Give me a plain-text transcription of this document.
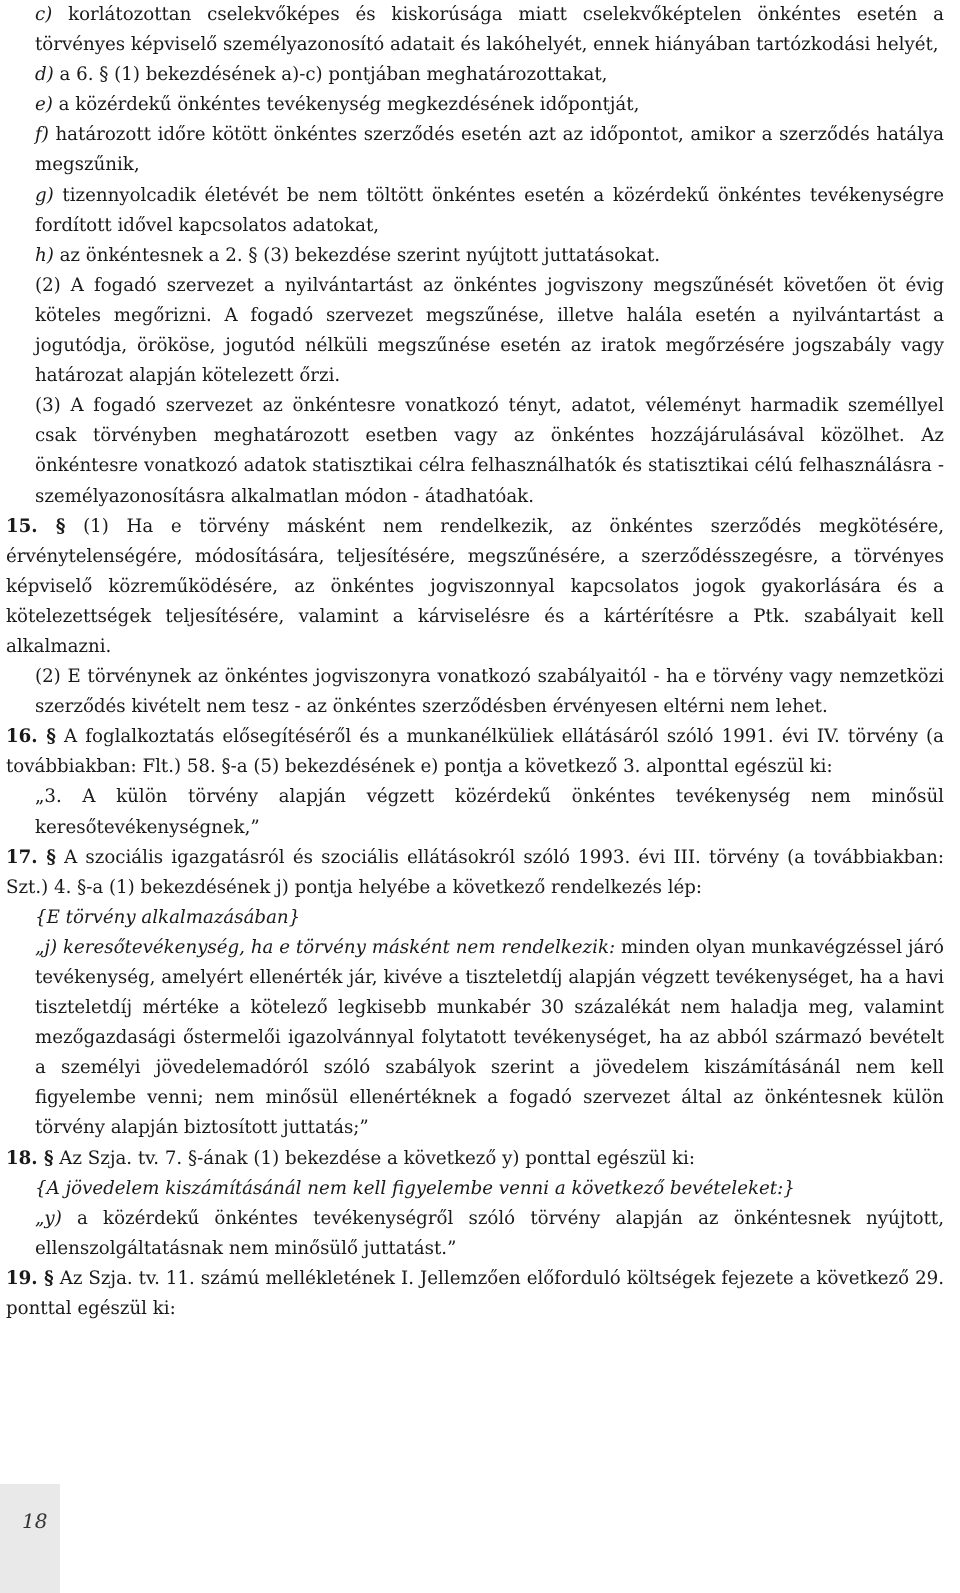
c) korlátozottan cselekvőképes és kiskorúsága miatt cselekvőképtelen önkéntes esetén a törvényes képviselő személyazonosító adatait és lakóhelyét, ennek hiányában tartózkodási helyét,
d) a 6. § (1) bekezdésének a)-c) pontjában meghatározottakat,
e) a közérdekű önkéntes tevékenység megkezdésének időpontját,
f) határozott időre kötött önkéntes szerződés esetén azt az időpontot, amikor a szerződés hatálya megszűnik,
g) tizennyolcadik életévét be nem töltött önkéntes esetén a közérdekű önkéntes tevékenységre fordított idővel kapcsolatos adatokat,
h) az önkéntesnek a 2. § (3) bekezdése szerint nyújtott juttatásokat.
(2) A fogadó szervezet a nyilvántartást az önkéntes jogviszony megszűnését követően öt évig köteles megőrizni. A fogadó szervezet megszűnése, illetve halála esetén a nyilvántartást a jogutódja, örököse, jogutód nélküli megszűnése esetén az iratok megőrzésére jogszabály vagy határozat alapján kötelezett őrzi.
(3) A fogadó szervezet az önkéntesre vonatkozó tényt, adatot, véleményt harmadik személlyel csak törvényben meghatározott esetben vagy az önkéntes hozzájárulásával közölhet. Az önkéntesre vonatkozó adatok statisztikai célra felhasználhatók és statisztikai célú felhasználásra - személyazonosításra alkalmatlan módon - átadhatóak.
15. § (1) Ha e törvény másként nem rendelkezik, az önkéntes szerződés megkötésére, érvénytelenségére, módosítására, teljesítésére, megszűnésére, a szerződésszegésre, a törvényes képviselő közreműködésére, az önkéntes jogviszonnyal kapcsolatos jogok gyakorlására és a kötelezettségek teljesítésére, valamint a kárviselésre és a kártérítésre a Ptk. szabályait kell alkalmazni.
(2) E törvénynek az önkéntes jogviszonyra vonatkozó szabályaitól - ha e törvény vagy nemzetközi szerződés kivételt nem tesz - az önkéntes szerződésben érvényesen eltérni nem lehet.
16. § A foglalkoztatás elősegítéséről és a munkanélküliek ellátásáról szóló 1991. évi IV. törvény (a továbbiakban: Flt.) 58. §-a (5) bekezdésének e) pontja a következő 3. alponttal egészül ki:
„3. A külön törvény alapján végzett közérdekű önkéntes tevékenység nem minősül keresőtevékenységnek,”
17. § A szociális igazgatásról és szociális ellátásokról szóló 1993. évi III. törvény (a továbbiakban: Szt.) 4. §-a (1) bekezdésének j) pontja helyébe a következő rendelkezés lép:
{E törvény alkalmazásában}
„j) keresőtevékenység, ha e törvény másként nem rendelkezik: minden olyan munkavégzéssel járó tevékenység, amelyért ellenérték jár, kivéve a tiszteletdíj alapján végzett tevékenységet, ha a havi tiszteletdíj mértéke a kötelező legkisebb munkabér 30 százalékát nem haladja meg, valamint mezőgazdasági őstermelői igazolvánnyal folytatott tevékenységet, ha az abból származó bevételt a személyi jövedelemadóról szóló szabályok szerint a jövedelem kiszámításánál nem kell figyelembe venni; nem minősül ellenértéknek a fogadó szervezet által az önkéntesnek külön törvény alapján biztosított juttatás;”
18. § Az Szja. tv. 7. §-ának (1) bekezdése a következő y) ponttal egészül ki:
{A jövedelem kiszámításánál nem kell figyelembe venni a következő bevételeket:}
„y) a közérdekű önkéntes tevékenységről szóló törvény alapján az önkéntesnek nyújtott, ellenszolgáltatásnak nem minősülő juttatást.”
19. § Az Szja. tv. 11. számú mellékletének I. Jellemzően előforduló költségek fejezete a következő 29. ponttal egészül ki:
18
